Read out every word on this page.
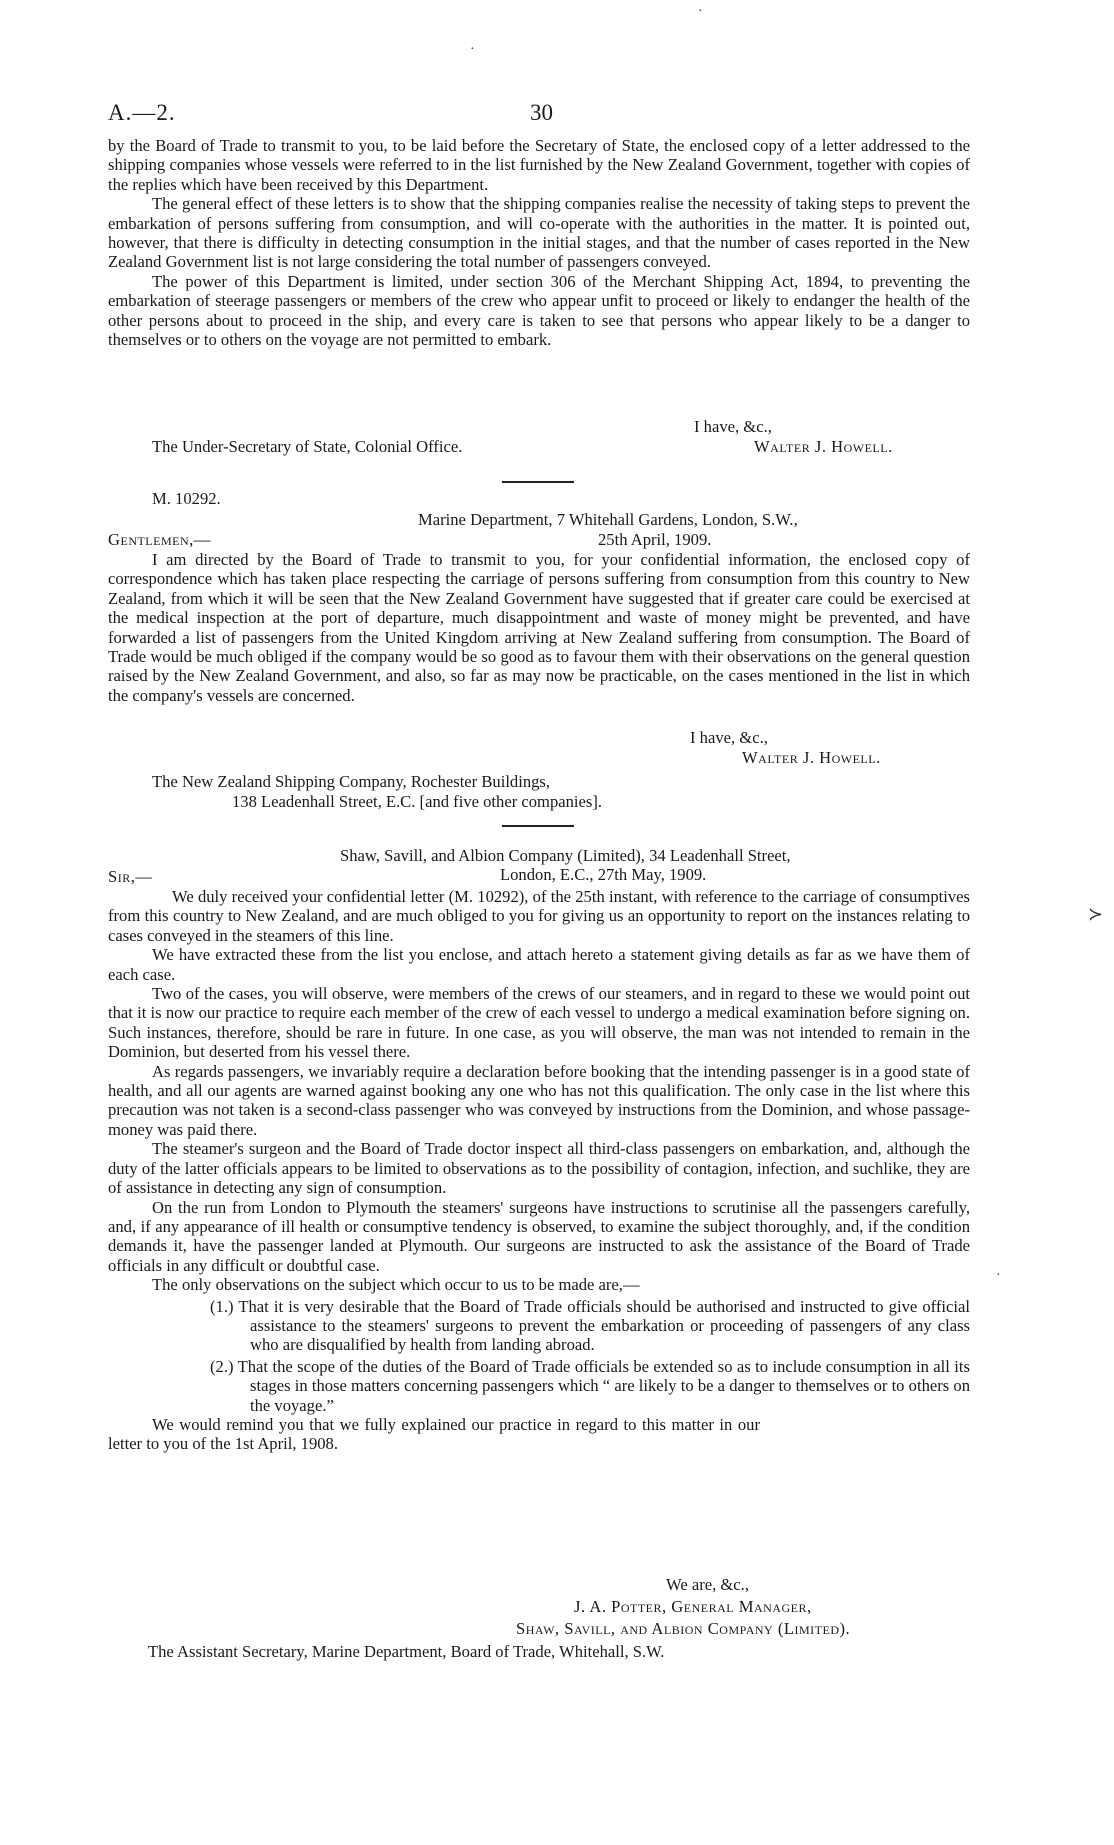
·
·
A.—2.	30

by the Board of Trade to transmit to you, to be laid before the Secretary of State, the enclosed copy of a letter addressed to the shipping companies whose vessels were referred to in the list furnished by the New Zealand Government, together with copies of the replies which have been received by this Department.

The general effect of these letters is to show that the shipping companies realise the necessity of taking steps to prevent the embarkation of persons suffering from consumption, and will co-operate with the authorities in the matter. It is pointed out, however, that there is difficulty in detecting consumption in the initial stages, and that the number of cases reported in the New Zealand Government list is not large considering the total number of passengers conveyed.

The power of this Department is limited, under section 306 of the Merchant Shipping Act, 1894, to preventing the embarkation of steerage passengers or members of the crew who appear unfit to proceed or likely to endanger the health of the other persons about to proceed in the ship, and every care is taken to see that persons who appear likely to be a danger to themselves or to others on the voyage are not permitted to embark.

I have, &c.,
The Under-Secretary of State, Colonial Office.	Walter J. Howell.
M. 10292.
Marine Department, 7 Whitehall Gardens, London, S.W.,
Gentlemen,—	25th April, 1909.

I am directed by the Board of Trade to transmit to you, for your confidential information, the enclosed copy of correspondence which has taken place respecting the carriage of persons suffering from consumption from this country to New Zealand, from which it will be seen that the New Zealand Government have suggested that if greater care could be exercised at the medical inspection at the port of departure, much disappointment and waste of money might be prevented, and have forwarded a list of passengers from the United Kingdom arriving at New Zealand suffering from consumption. The Board of Trade would be much obliged if the company would be so good as to favour them with their observations on the general question raised by the New Zealand Government, and also, so far as may now be practicable, on the cases mentioned in the list in which the company's vessels are concerned.

I have, &c.,
Walter J. Howell.
The New Zealand Shipping Company, Rochester Buildings,
138 Leadenhall Street, E.C. [and five other companies].
Shaw, Savill, and Albion Company (Limited), 34 Leadenhall Street,
Sir,—	London, E.C., 27th May, 1909.
≻

We duly received your confidential letter (M. 10292), of the 25th instant, with reference to the carriage of consumptives from this country to New Zealand, and are much obliged to you for giving us an opportunity to report on the instances relating to cases conveyed in the steamers of this line.

We have extracted these from the list you enclose, and attach hereto a statement giving details as far as we have them of each case.

Two of the cases, you will observe, were members of the crews of our steamers, and in regard to these we would point out that it is now our practice to require each member of the crew of each vessel to undergo a medical examination before signing on. Such instances, therefore, should be rare in future. In one case, as you will observe, the man was not intended to remain in the Dominion, but deserted from his vessel there.

As regards passengers, we invariably require a declaration before booking that the intending passenger is in a good state of health, and all our agents are warned against booking any one who has not this qualification. The only case in the list where this precaution was not taken is a second-class passenger who was conveyed by instructions from the Dominion, and whose passage-money was paid there.

The steamer's surgeon and the Board of Trade doctor inspect all third-class passengers on embarkation, and, although the duty of the latter officials appears to be limited to observations as to the possibility of contagion, infection, and suchlike, they are of assistance in detecting any sign of consumption.

On the run from London to Plymouth the steamers' surgeons have instructions to scrutinise all the passengers carefully, and, if any appearance of ill health or consumptive tendency is observed, to examine the subject thoroughly, and, if the condition demands it, have the passenger landed at Plymouth. Our surgeons are instructed to ask the assistance of the Board of Trade officials in any difficult or doubtful case.

The only observations on the subject which occur to us to be made are,—

(1.) That it is very desirable that the Board of Trade officials should be authorised and instructed to give official assistance to the steamers' surgeons to prevent the embarkation or proceeding of passengers of any class who are disqualified by health from landing abroad.

(2.) That the scope of the duties of the Board of Trade officials be extended so as to include consumption in all its stages in those matters concerning passengers which “ are likely to be a danger to themselves or to others on the voyage.”

We would remind you that we fully explained our practice in regard to this matter in our letter to you of the 1st April, 1908.

We are, &c.,
J. A. Potter, General Manager,
Shaw, Savill, and Albion Company (Limited).
The Assistant Secretary, Marine Department, Board of Trade, Whitehall, S.W.
·
